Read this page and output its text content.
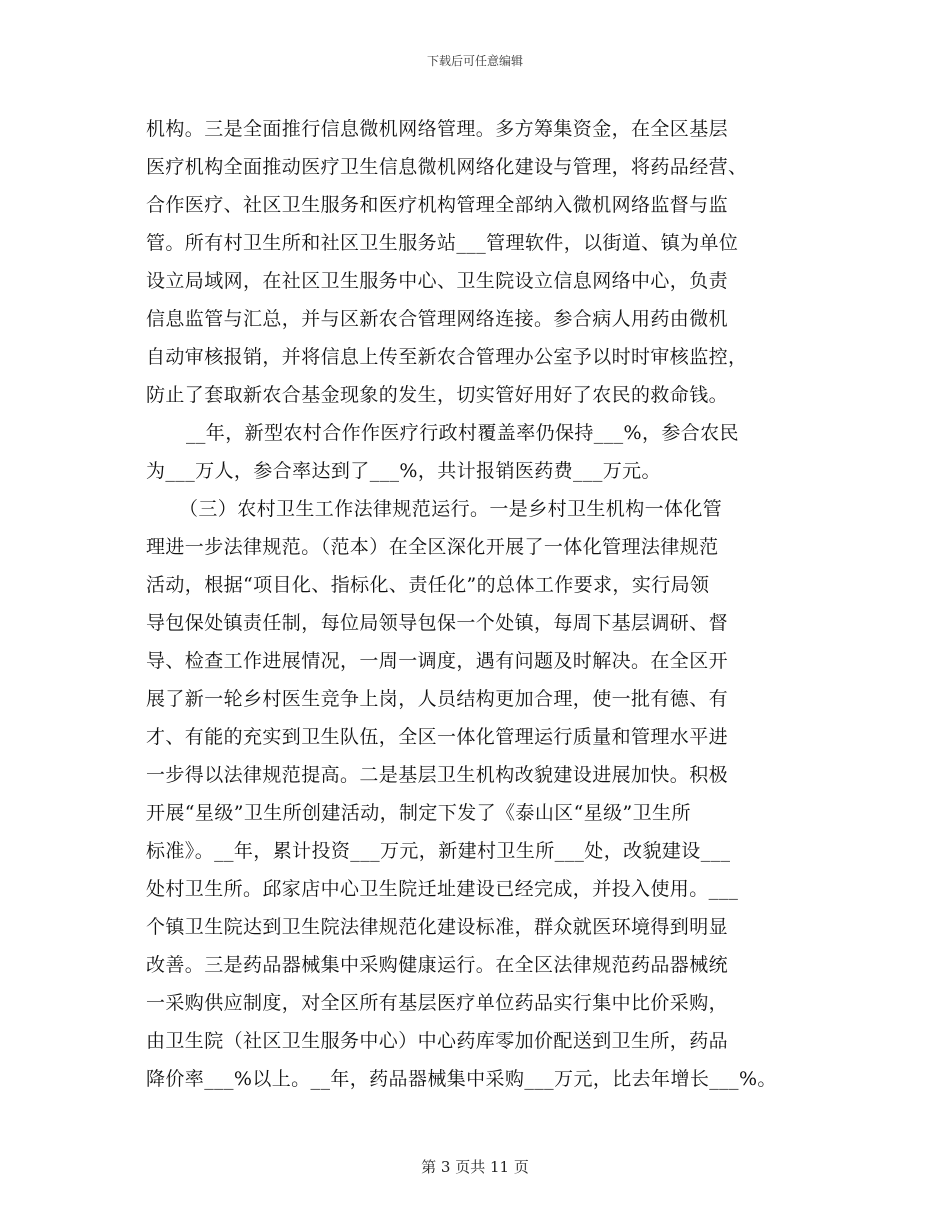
下载后可任意编辑
机构。三是全面推行信息微机网络管理。多方筹集资金，在全区基层
医疗机构全面推动医疗卫生信息微机网络化建设与管理，将药品经营、
合作医疗、社区卫生服务和医疗机构管理全部纳入微机网络监督与监
管。所有村卫生所和社区卫生服务站___管理软件，以街道、镇为单位
设立局域网，在社区卫生服务中心、卫生院设立信息网络中心，负责
信息监管与汇总，并与区新农合管理网络连接。参合病人用药由微机
自动审核报销，并将信息上传至新农合管理办公室予以时时审核监控，
防止了套取新农合基金现象的发生，切实管好用好了农民的救命钱。
__年，新型农村合作作医疗行政村覆盖率仍保持___%，参合农民
为___万人，参合率达到了___%，共计报销医药费___万元。
（三）农村卫生工作法律规范运行。一是乡村卫生机构一体化管
理进一步法律规范。（范本）在全区深化开展了一体化管理法律规范
活动，根据“项目化、指标化、责任化”的总体工作要求，实行局领
导包保处镇责任制，每位局领导包保一个处镇，每周下基层调研、督
导、检查工作进展情况，一周一调度，遇有问题及时解决。在全区开
展了新一轮乡村医生竞争上岗，人员结构更加合理，使一批有德、有
才、有能的充实到卫生队伍，全区一体化管理运行质量和管理水平进
一步得以法律规范提高。二是基层卫生机构改貌建设进展加快。积极
开展“星级”卫生所创建活动，制定下发了《泰山区“星级”卫生所
标准》。__年，累计投资___万元，新建村卫生所___处，改貌建设___
处村卫生所。邱家店中心卫生院迁址建设已经完成，并投入使用。___
个镇卫生院达到卫生院法律规范化建设标准，群众就医环境得到明显
改善。三是药品器械集中采购健康运行。在全区法律规范药品器械统
一采购供应制度，对全区所有基层医疗单位药品实行集中比价采购，
由卫生院（社区卫生服务中心）中心药库零加价配送到卫生所，药品
降价率___%以上。__年，药品器械集中采购___万元，比去年增长___%。
第 3 页共 11 页
